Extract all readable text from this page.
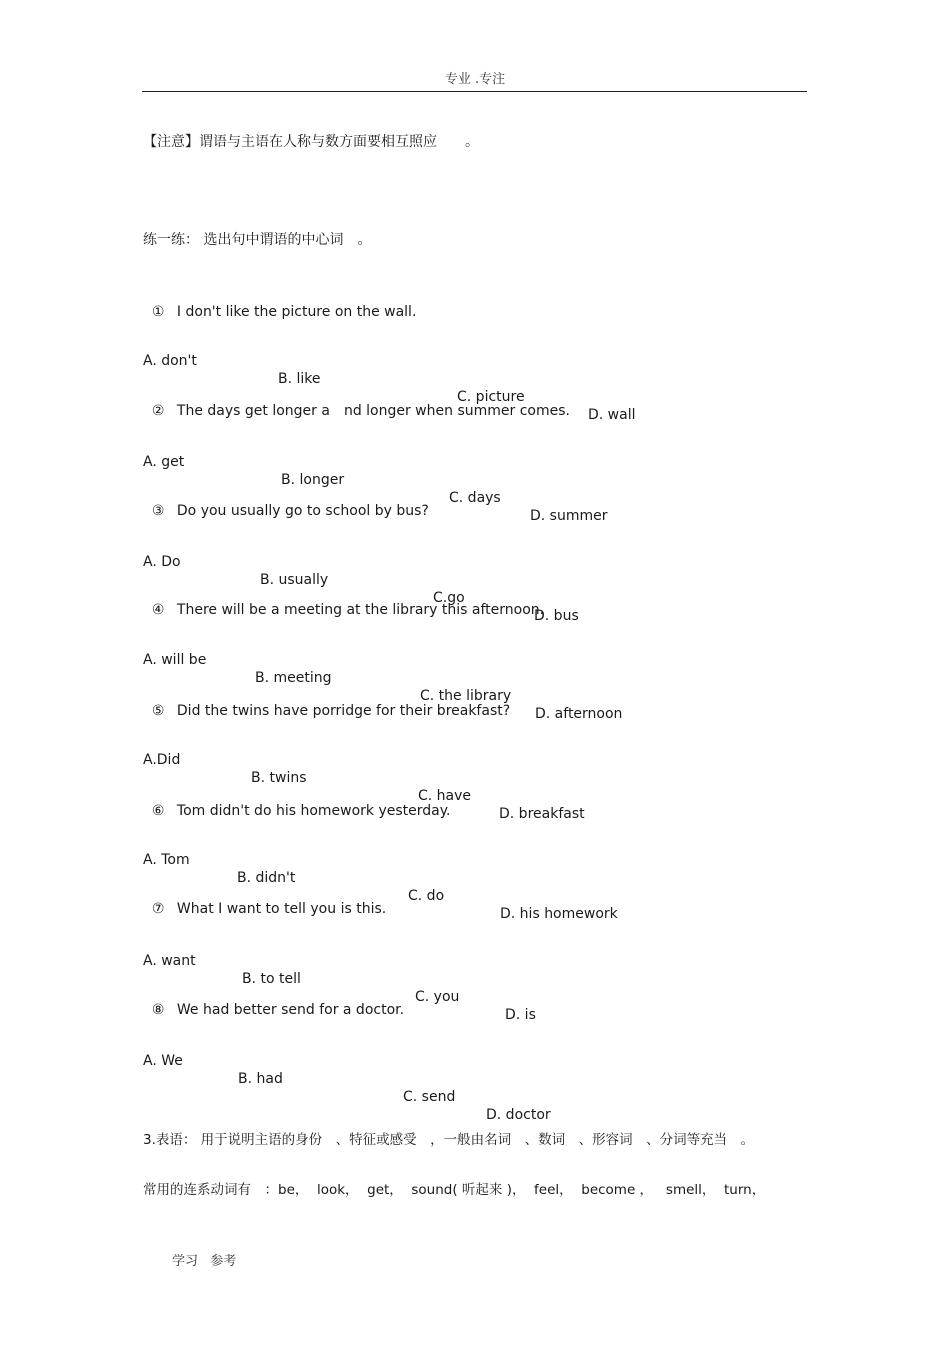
专业 .专注
【注意】谓语与主语在人称与数方面要相互照应　　。
练一练： 选出句中谓语的中心词　。

① I don't like the picture on the wall.

A. don't

B. like

C. picture

D. wall

② The days get longer a nd longer when summer comes.

A. get

B. longer

C. days

D. summer

③ Do you usually go to school by bus?

A. Do

B. usually

C.go

D. bus

④ There will be a meeting at the library this afternoon.

A. will be

B. meeting

C. the library

D. afternoon

⑤ Did the twins have porridge for their breakfast?

A.Did

B. twins

C. have

D. breakfast

⑥ Tom didn't do his homework yesterday.

A. Tom

B. didn't

C. do

D. his homework

⑦ What I want to tell you is this.

A. want

B. to tell

C. you

D. is

⑧ We had better send for a doctor.

A. We

B. had

C. send

D. doctor

3.表语： 用于说明主语的身份　、特征或感受　，一般由名词　、数词　、形容词　、分词等充当　。
常用的连系动词有　：be，  look，  get，  sound( 听起来 )，  feel，  become ，   smell，  turn，
学习   参考
